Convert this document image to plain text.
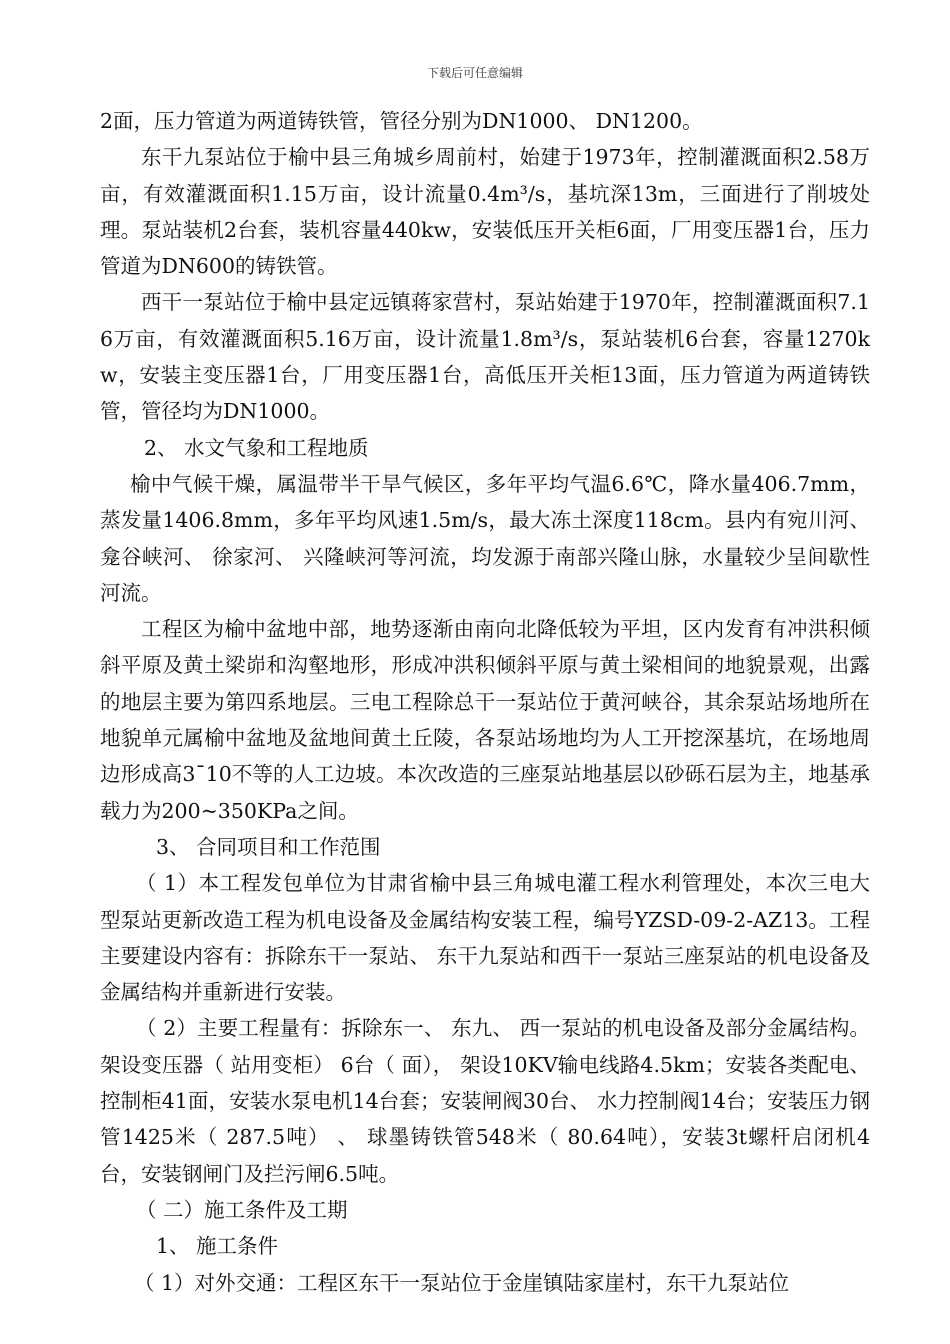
下载后可任意编辑

2面，压力管道为两道铸铁管，管径分别为DN1000、 DN1200。

东干九泵站位于榆中县三角城乡周前村，始建于1973年，控制灌溉面积2.58万亩，有效灌溉面积1.15万亩，设计流量0.4m³/s，基坑深13m，三面进行了削坡处理。泵站装机2台套，装机容量440kw，安装低压开关柜6面，厂用变压器1台，压力管道为DN600的铸铁管。

西干一泵站位于榆中县定远镇蒋家营村，泵站始建于1970年，控制灌溉面积7.16万亩，有效灌溉面积5.16万亩，设计流量1.8m³/s，泵站装机6台套，容量1270kw，安装主变压器1台，厂用变压器1台，高低压开关柜13面，压力管道为两道铸铁管，管径均为DN1000。

2、 水文气象和工程地质

榆中气候干燥，属温带半干旱气候区，多年平均气温6.6℃，降水量406.7mm，蒸发量1406.8mm，多年平均风速1.5m/s，最大冻土深度118cm。县内有宛川河、 龛谷峡河、 徐家河、 兴隆峡河等河流，均发源于南部兴隆山脉，水量较少呈间歇性河流。

工程区为榆中盆地中部，地势逐渐由南向北降低较为平坦，区内发育有冲洪积倾斜平原及黄土梁峁和沟壑地形，形成冲洪积倾斜平原与黄土梁相间的地貌景观，出露的地层主要为第四系地层。三电工程除总干一泵站位于黄河峡谷，其余泵站场地所在地貌单元属榆中盆地及盆地间黄土丘陵，各泵站场地均为人工开挖深基坑，在场地周边形成高3¯10不等的人工边坡。本次改造的三座泵站地基层以砂砾石层为主，地基承载力为200~350KPa之间。

3、 合同项目和工作范围

（ 1）本工程发包单位为甘肃省榆中县三角城电灌工程水利管理处，本次三电大型泵站更新改造工程为机电设备及金属结构安装工程，编号YZSD-09-2-AZ13。工程主要建设内容有：拆除东干一泵站、 东干九泵站和西干一泵站三座泵站的机电设备及金属结构并重新进行安装。

（ 2）主要工程量有：拆除东一、 东九、 西一泵站的机电设备及部分金属结构。架设变压器（ 站用变柜） 6台（ 面）， 架设10KV输电线路4.5km；安装各类配电、 控制柜41面，安装水泵电机14台套；安装闸阀30台、 水力控制阀14台；安装压力钢管1425米（ 287.5吨） 、 球墨铸铁管548米（ 80.64吨），安装3t螺杆启闭机4台，安装钢闸门及拦污闸6.5吨。

（ 二）施工条件及工期

1、 施工条件

（ 1）对外交通：工程区东干一泵站位于金崖镇陆家崖村，东干九泵站位
